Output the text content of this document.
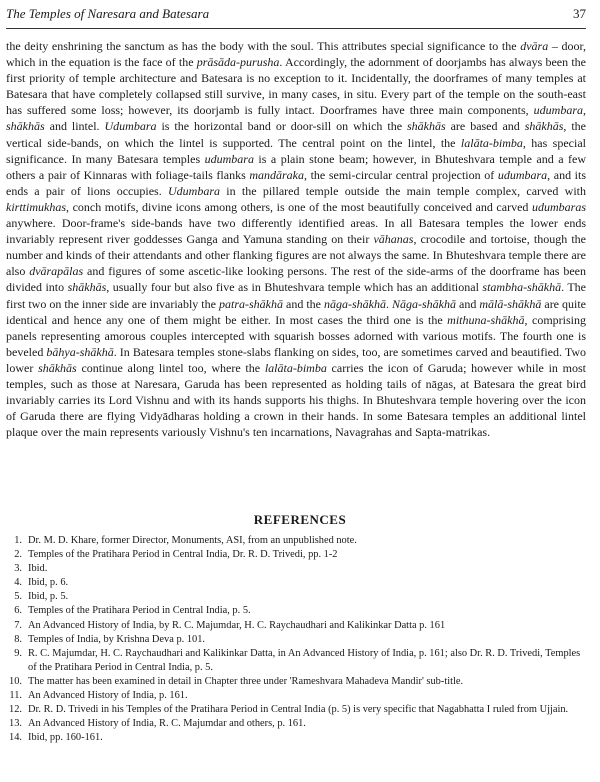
The Temples of Naresara and Batesara	37

the deity enshrining the sanctum as has the body with the soul. This attributes special significance to the dvāra – door, which in the equation is the face of the prāsāda-purusha. Accordingly, the adornment of doorjambs has always been the first priority of temple architecture and Batesara is no exception to it. Incidentally, the doorframes of many temples at Batesara that have completely collapsed still survive, in many cases, in situ. Every part of the temple on the south-east has suffered some loss; however, its doorjamb is fully intact. Doorframes have three main components, udumbara, shākhās and lintel. Udumbara is the horizontal band or door-sill on which the shākhās are based and shākhās, the vertical side-bands, on which the lintel is supported. The central point on the lintel, the lalāta-bimba, has special significance. In many Batesara temples udumbara is a plain stone beam; however, in Bhuteshvara temple and a few others a pair of Kinnaras with foliage-tails flanks mandāraka, the semi-circular central projection of udumbara, and its ends a pair of lions occupies. Udumbara in the pillared temple outside the main temple complex, carved with kirttimukhas, conch motifs, divine icons among others, is one of the most beautifully conceived and carved udumbaras anywhere. Door-frame's side-bands have two differently identified areas. In all Batesara temples the lower ends invariably represent river goddesses Ganga and Yamuna standing on their vāhanas, crocodile and tortoise, though the number and kinds of their attendants and other flanking figures are not always the same. In Bhuteshvara temple there are also dvārapālas and figures of some ascetic-like looking persons. The rest of the side-arms of the doorframe has been divided into shākhās, usually four but also five as in Bhuteshvara temple which has an additional stambha-shākhā. The first two on the inner side are invariably the patra-shākhā and the nāga-shākhā. Nāga-shākhā and mālā-shākhā are quite identical and hence any one of them might be either. In most cases the third one is the mithuna-shākhā, comprising panels representing amorous couples intercepted with squarish bosses adorned with various motifs. The fourth one is beveled bāhya-shākhā. In Batesara temples stone-slabs flanking on sides, too, are sometimes carved and beautified. Two lower shākhās continue along lintel too, where the lalāta-bimba carries the icon of Garuda; however while in most temples, such as those at Naresara, Garuda has been represented as holding tails of nāgas, at Batesara the great bird invariably carries its Lord Vishnu and with its hands supports his thighs. In Bhuteshvara temple hovering over the icon of Garuda there are flying Vidyādharas holding a crown in their hands. In some Batesara temples an additional lintel plaque over the main represents variously Vishnu's ten incarnations, Navagrahas and Sapta-matrikas.

REFERENCES
1. Dr. M. D. Khare, former Director, Monuments, ASI, from an unpublished note.
2. Temples of the Pratihara Period in Central India, Dr. R. D. Trivedi, pp. 1-2
3. Ibid.
4. Ibid, p. 6.
5. Ibid, p. 5.
6. Temples of the Pratihara Period in Central India, p. 5.
7. An Advanced History of India, by R. C. Majumdar, H. C. Raychaudhari and Kalikinkar Datta p. 161
8. Temples of India, by Krishna Deva p. 101.
9. R. C. Majumdar, H. C. Raychaudhari and Kalikinkar Datta, in An Advanced History of India, p. 161; also Dr. R. D. Trivedi, Temples of the Pratihara Period in Central India, p. 5.
10. The matter has been examined in detail in Chapter three under 'Rameshvara Mahadeva Mandir' sub-title.
11. An Advanced History of India, p. 161.
12. Dr. R. D. Trivedi in his Temples of the Pratihara Period in Central India (p. 5) is very specific that Nagabhatta I ruled from Ujjain.
13. An Advanced History of India, R. C. Majumdar and others, p. 161.
14. Ibid, pp. 160-161.
